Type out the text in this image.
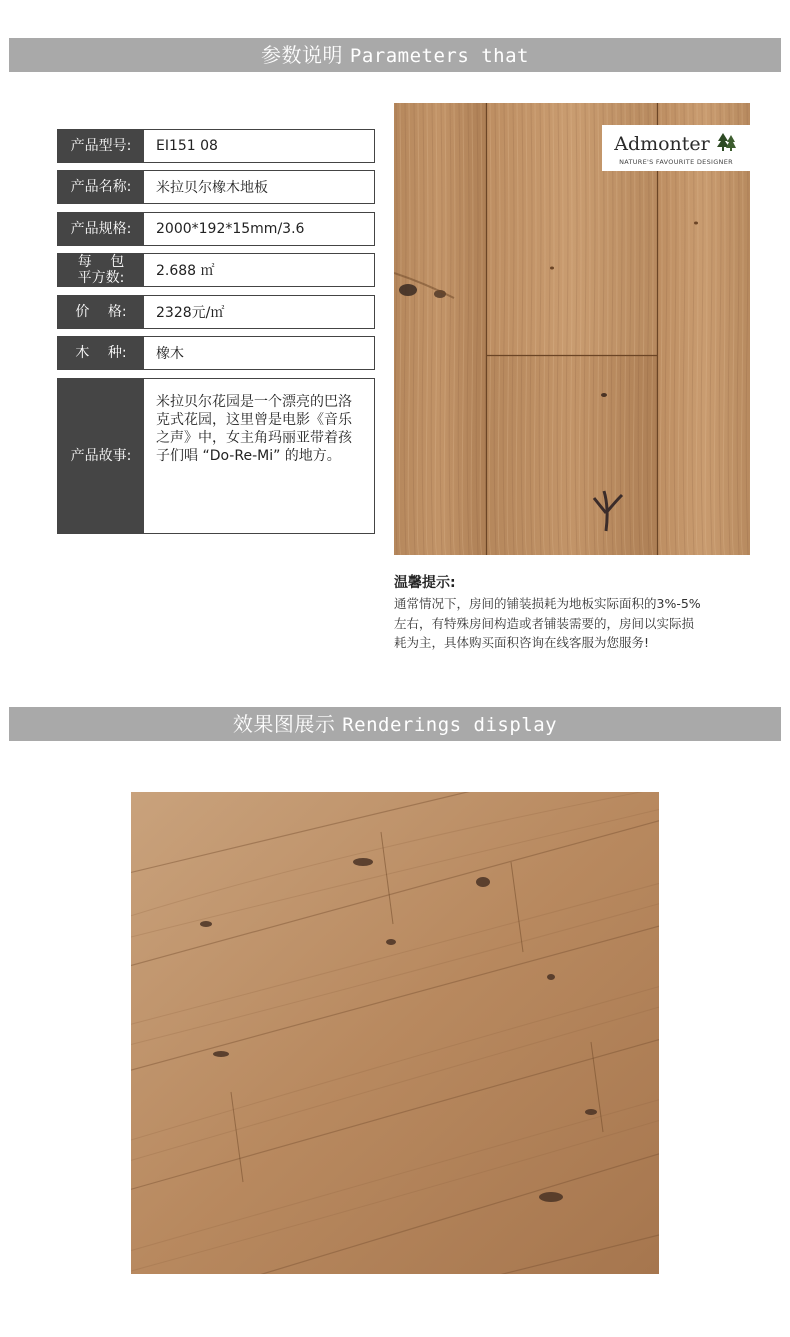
参数说明 Parameters that
产品型号:	EI151 08
产品名称:	米拉贝尔橡木地板
产品规格:	2000*192*15mm/3.6
每　 包
平方数:	2.688 ㎡
价　 格:	2328元/㎡
木　 种:	橡木
产品故事:
米拉贝尔花园是一个漂亮的巴洛克式花园，这里曾是电影《音乐之声》中，女主角玛丽亚带着孩子们唱 “Do-Re-Mi” 的地方。
Admonter
NATURE'S FAVOURITE DESIGNER
温馨提示:
通常情况下，房间的铺装损耗为地板实际面积的3%-5%左右，有特殊房间构造或者铺装需要的，房间以实际损耗为主，具体购买面积咨询在线客服为您服务!
效果图展示 Renderings display
